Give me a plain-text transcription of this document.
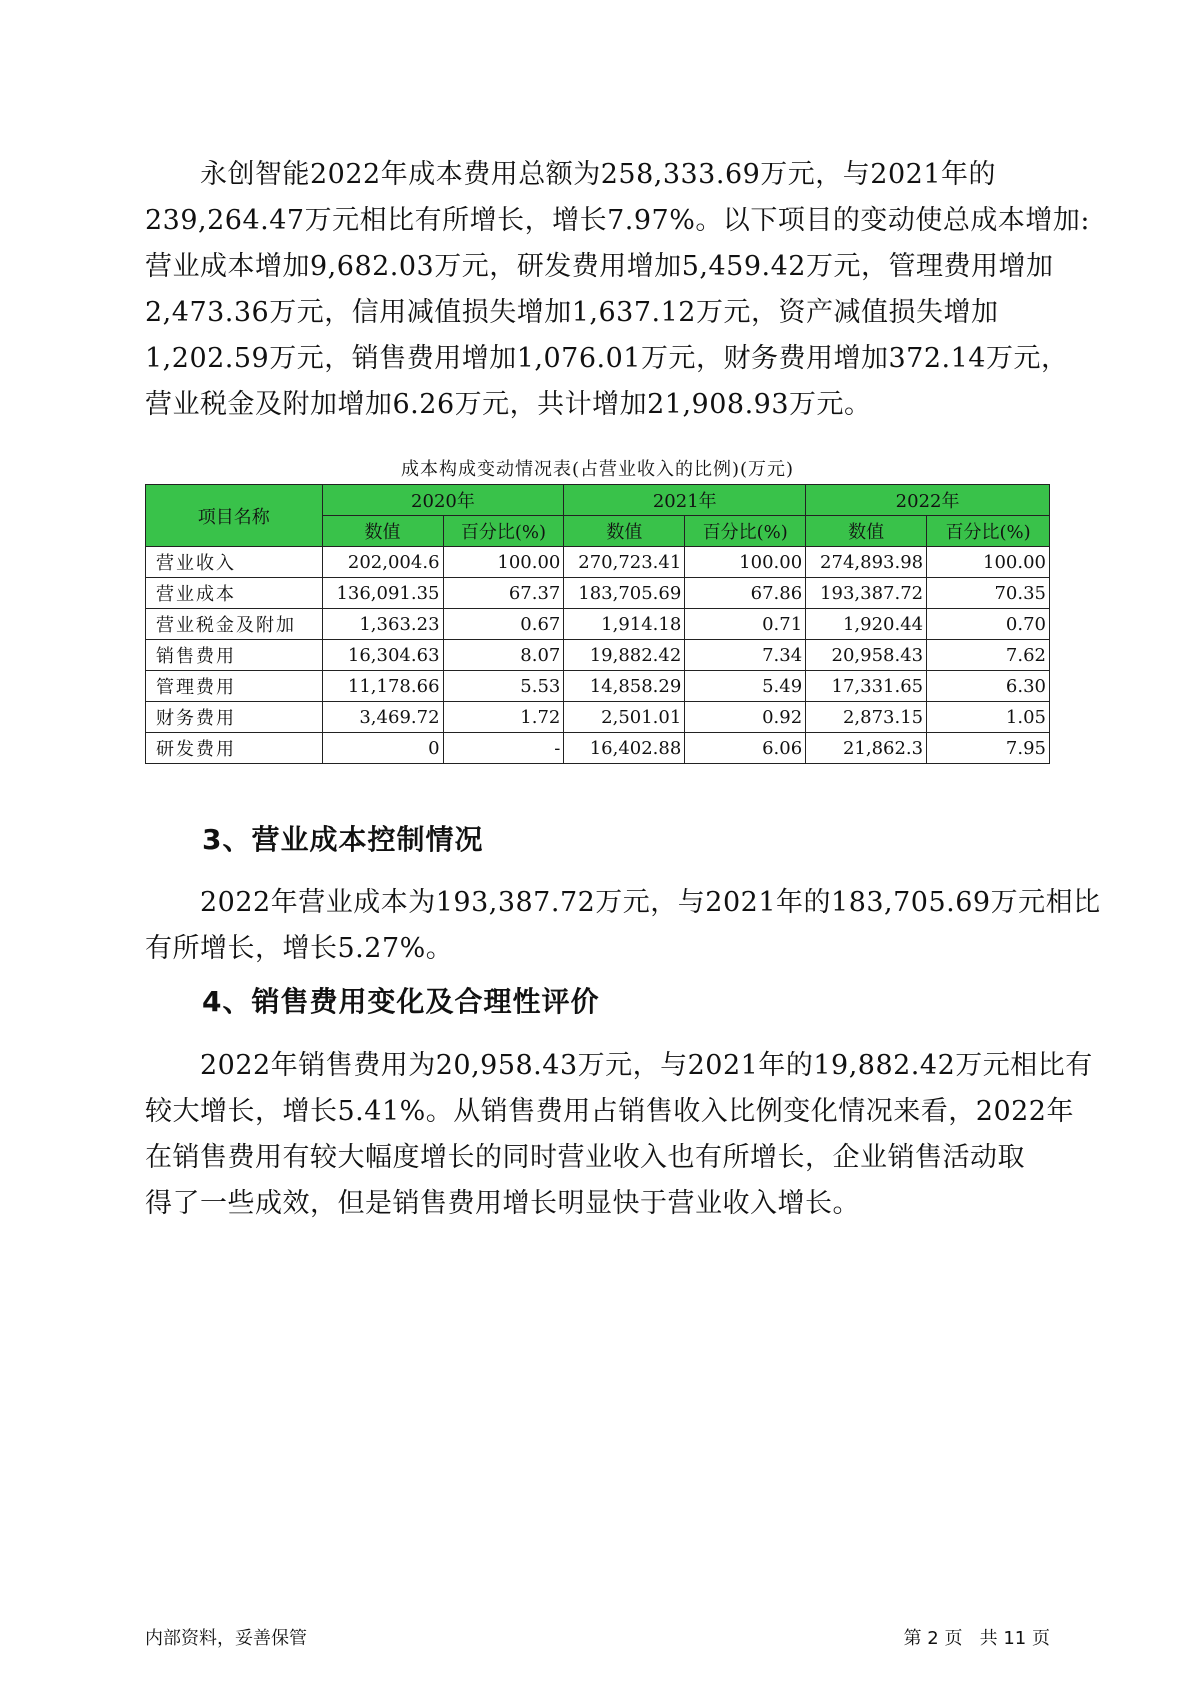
永创智能2022年成本费用总额为258,333.69万元，与2021年的
239,264.47万元相比有所增长，增长7.97%。以下项目的变动使总成本增加:
营业成本增加9,682.03万元，研发费用增加5,459.42万元，管理费用增加
2,473.36万元，信用减值损失增加1,637.12万元，资产减值损失增加
1,202.59万元，销售费用增加1,076.01万元，财务费用增加372.14万元，
营业税金及附加增加6.26万元，共计增加21,908.93万元。

成本构成变动情况表(占营业收入的比例)(万元)

项目名称	2020年		2021年		2022年	
	数值	百分比(%)	数值	百分比(%)	数值	百分比(%)
营业收入	202,004.6	100.00	270,723.41	100.00	274,893.98	100.00
营业成本	136,091.35	67.37	183,705.69	67.86	193,387.72	70.35
营业税金及附加	1,363.23	0.67	1,914.18	0.71	1,920.44	0.70
销售费用	16,304.63	8.07	19,882.42	7.34	20,958.43	7.62
管理费用	11,178.66	5.53	14,858.29	5.49	17,331.65	6.30
财务费用	3,469.72	1.72	2,501.01	0.92	2,873.15	1.05
研发费用	0	-	16,402.88	6.06	21,862.3	7.95
3、营业成本控制情况
2022年营业成本为193,387.72万元，与2021年的183,705.69万元相比
有所增长，增长5.27%。
4、销售费用变化及合理性评价
2022年销售费用为20,958.43万元，与2021年的19,882.42万元相比有
较大增长，增长5.41%。从销售费用占销售收入比例变化情况来看，2022年
在销售费用有较大幅度增长的同时营业收入也有所增长，企业销售活动取
得了一些成效，但是销售费用增长明显快于营业收入增长。

内部资料，妥善保管	第 2 页   共 11 页
